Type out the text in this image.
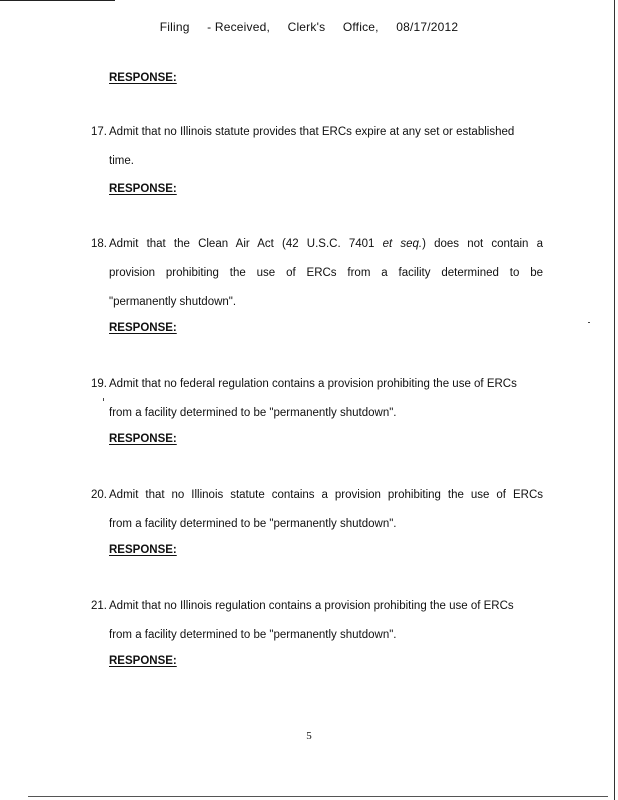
Filing - Received, Clerk's Office, 08/17/2012
RESPONSE:
17. Admit that no Illinois statute provides that ERCs expire at any set or established
time.
RESPONSE:
18. Admit that the Clean Air Act (42 U.S.C. 7401 et seq.) does not contain a
provision prohibiting the use of ERCs from a facility determined to be
"permanently shutdown".
RESPONSE:
19. Admit that no federal regulation contains a provision prohibiting the use of ERCs
from a facility determined to be "permanently shutdown".
RESPONSE:
20. Admit that no Illinois statute contains a provision prohibiting the use of ERCs
from a facility determined to be "permanently shutdown".
RESPONSE:
21. Admit that no Illinois regulation contains a provision prohibiting the use of ERCs
from a facility determined to be "permanently shutdown".
RESPONSE:
5
